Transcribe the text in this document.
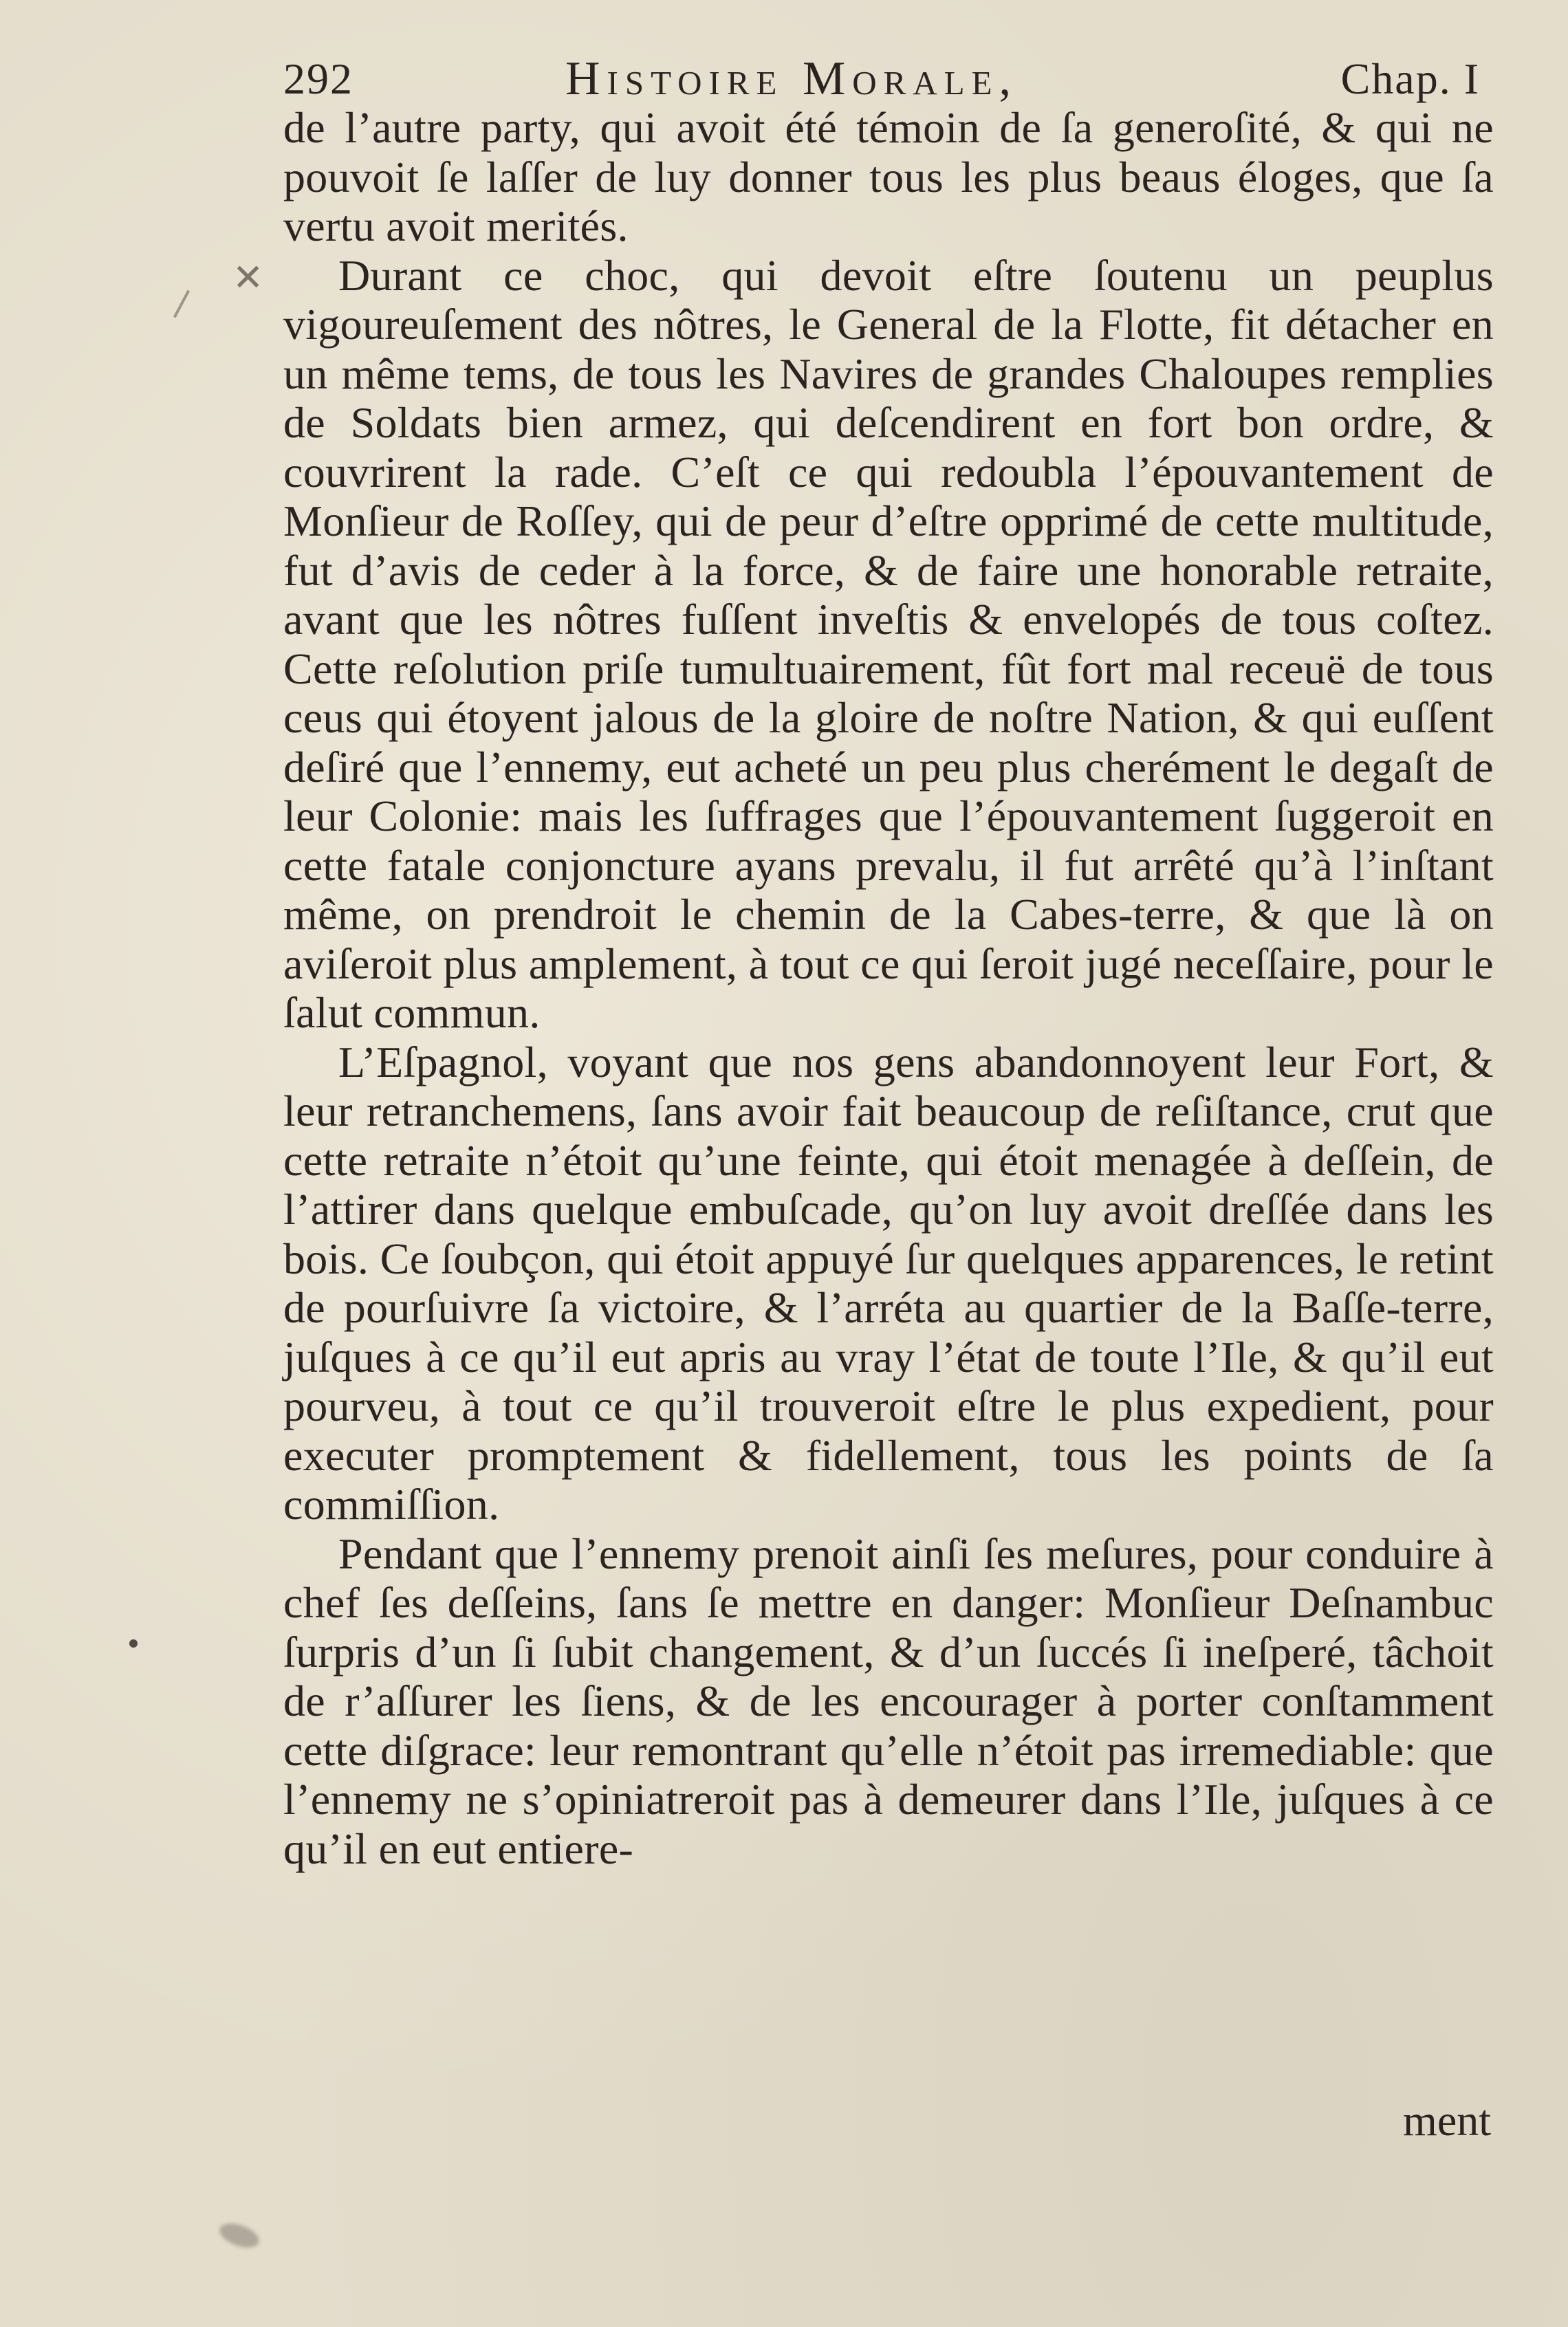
292	Histoire Morale,	Chap. I

de l’autre party, qui avoit été témoin de ſa generoſité, & qui ne pouvoit ſe laſſer de luy donner tous les plus beaus éloges, que ſa vertu avoit merités.

Durant ce choc, qui devoit eſtre ſoutenu un peuplus vigoureuſement des nôtres, le General de la Flotte, fit détacher en un même tems, de tous les Navires de grandes Chaloupes remplies de Soldats bien armez, qui deſcendirent en fort bon ordre, & couvrirent la rade. C’eſt ce qui redoubla l’épouvantement de Monſieur de Roſſey, qui de peur d’eſtre opprimé de cette multitude, fut d’avis de ceder à la force, & de faire une honorable retraite, avant que les nôtres fuſſent inveſtis & envelopés de tous coſtez. Cette reſolution priſe tumultuairement, fût fort mal receuë de tous ceus qui étoyent jalous de la gloire de noſtre Nation, & qui euſſent deſiré que l’ennemy, eut acheté un peu plus cherément le degaſt de leur Colonie: mais les ſuffrages que l’épouvantement ſuggeroit en cette fatale conjoncture ayans prevalu, il fut arrêté qu’à l’inſtant même, on prendroit le chemin de la Cabes-terre, & que là on aviſeroit plus amplement, à tout ce qui ſeroit jugé neceſſaire, pour le ſalut commun.

L’Eſpagnol, voyant que nos gens abandonnoyent leur Fort, & leur retranchemens, ſans avoir fait beaucoup de reſiſtance, crut que cette retraite n’étoit qu’une feinte, qui étoit menagée à deſſein, de l’attirer dans quelque embuſcade, qu’on luy avoit dreſſée dans les bois. Ce ſoubçon, qui étoit appuyé ſur quelques apparences, le retint de pourſuivre ſa victoire, & l’arréta au quartier de la Baſſe-terre, juſques à ce qu’il eut apris au vray l’état de toute l’Ile, & qu’il eut pourveu, à tout ce qu’il trouveroit eſtre le plus expedient, pour executer promptement & fidellement, tous les points de ſa commiſſion.

Pendant que l’ennemy prenoit ainſi ſes meſures, pour conduire à chef ſes deſſeins, ſans ſe mettre en danger: Monſieur Deſnambuc ſurpris d’un ſi ſubit changement, & d’un ſuccés ſi ineſperé, tâchoit de r’aſſurer les ſiens, & de les encourager à porter conſtamment cette diſgrace: leur remontrant qu’elle n’étoit pas irremediable: que l’ennemy ne s’opiniatreroit pas à demeurer dans l’Ile, juſques à ce qu’il en eut entiere-

ment
✕
